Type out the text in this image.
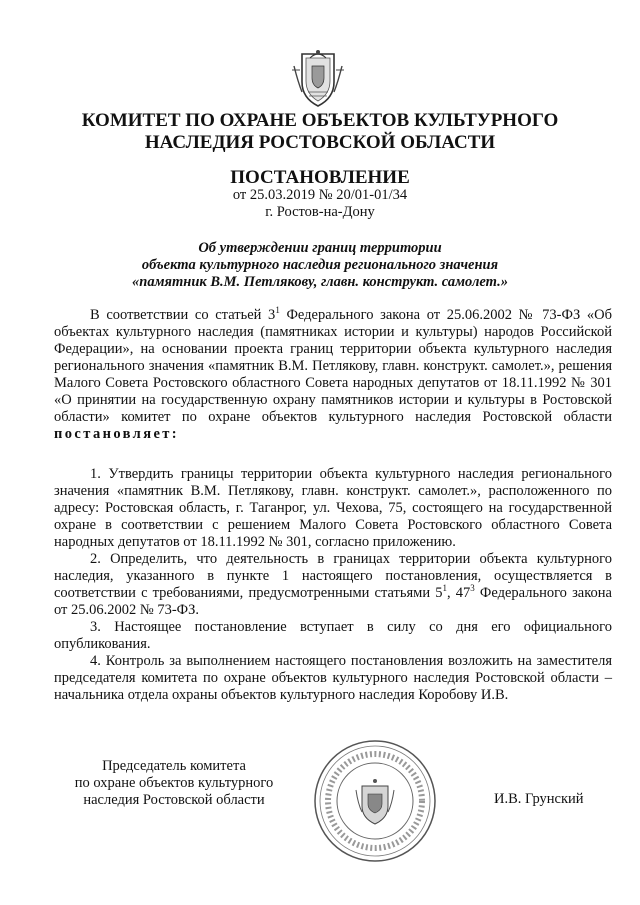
КОМИТЕТ ПО ОХРАНЕ ОБЪЕКТОВ КУЛЬТУРНОГО
НАСЛЕДИЯ РОСТОВСКОЙ ОБЛАСТИ
ПОСТАНОВЛЕНИЕ

от 25.03.2019 № 20/01-01/34

г. Ростов-на-Дону

Об утверждении границ территории
объекта культурного наследия регионального значения
«памятник В.М. Петлякову, главн. конструкт. самолет.»

В соответствии со статьей $3^1$ Федерального закона от 25.06.2002 № 73-ФЗ «Об объектах культурного наследия (памятниках истории и культуры) народов Российской Федерации», на основании проекта границ территории объекта культурного наследия регионального значения «памятник В.М. Петлякову, главн. конструкт. самолет.», решения Малого Совета Ростовского областного Совета народных депутатов от 18.11.1992 № 301 «О принятии на государственную охрану памятников истории и культуры в Ростовской области» комитет по охране объектов культурного наследия Ростовской области постановляет:

1. Утвердить границы территории объекта культурного наследия регионального значения «памятник В.М. Петлякову, главн. конструкт. самолет.», расположенного по адресу: Ростовская область, г. Таганрог, ул. Чехова, 75, состоящего на государственной охране в соответствии с решением Малого Совета Ростовского областного Совета народных депутатов от 18.11.1992 № 301, согласно приложению.

2. Определить, что деятельность в границах территории объекта культурного наследия, указанного в пункте 1 настоящего постановления, осуществляется в соответствии с требованиями, предусмотренными статьями $5^1$, $47^3$ Федерального закона от 25.06.2002 № 73-ФЗ.

3. Настоящее постановление вступает в силу со дня его официального опубликования.

4. Контроль за выполнением настоящего постановления возложить на заместителя председателя комитета по охране объектов культурного наследия Ростовской области – начальника отдела охраны объектов культурного наследия Коробову И.В.

Председатель комитета
по охране объектов культурного
наследия Ростовской области	И.В. Грунский
